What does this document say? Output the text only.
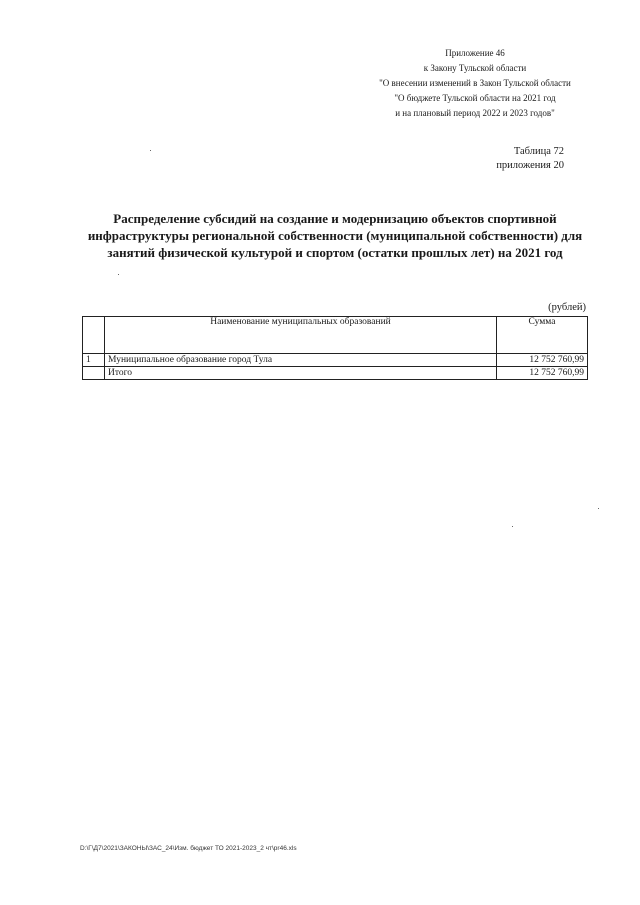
Приложение 46
к Закону Тульской области
"О внесении изменений в Закон Тульской области
"О бюджете Тульской области на 2021 год
и на плановый период 2022 и 2023 годов"
Таблица 72
приложения 20
Распределение субсидий на создание и модернизацию объектов спортивной
инфраструктуры региональной собственности (муниципальной собственности) для
занятий физической культурой и спортом (остатки прошлых лет) на 2021 год
(рублей)
	Наименование муниципальных образований	Сумма
1	Муниципальное образование город Тула	12 752 760,99
	Итого	12 752 760,99
D:\Г\Д7\2021\ЗАКОНЫ\ЗАС_24\Изм. бюджет ТО 2021-2023_2 чт\pr46.xls
